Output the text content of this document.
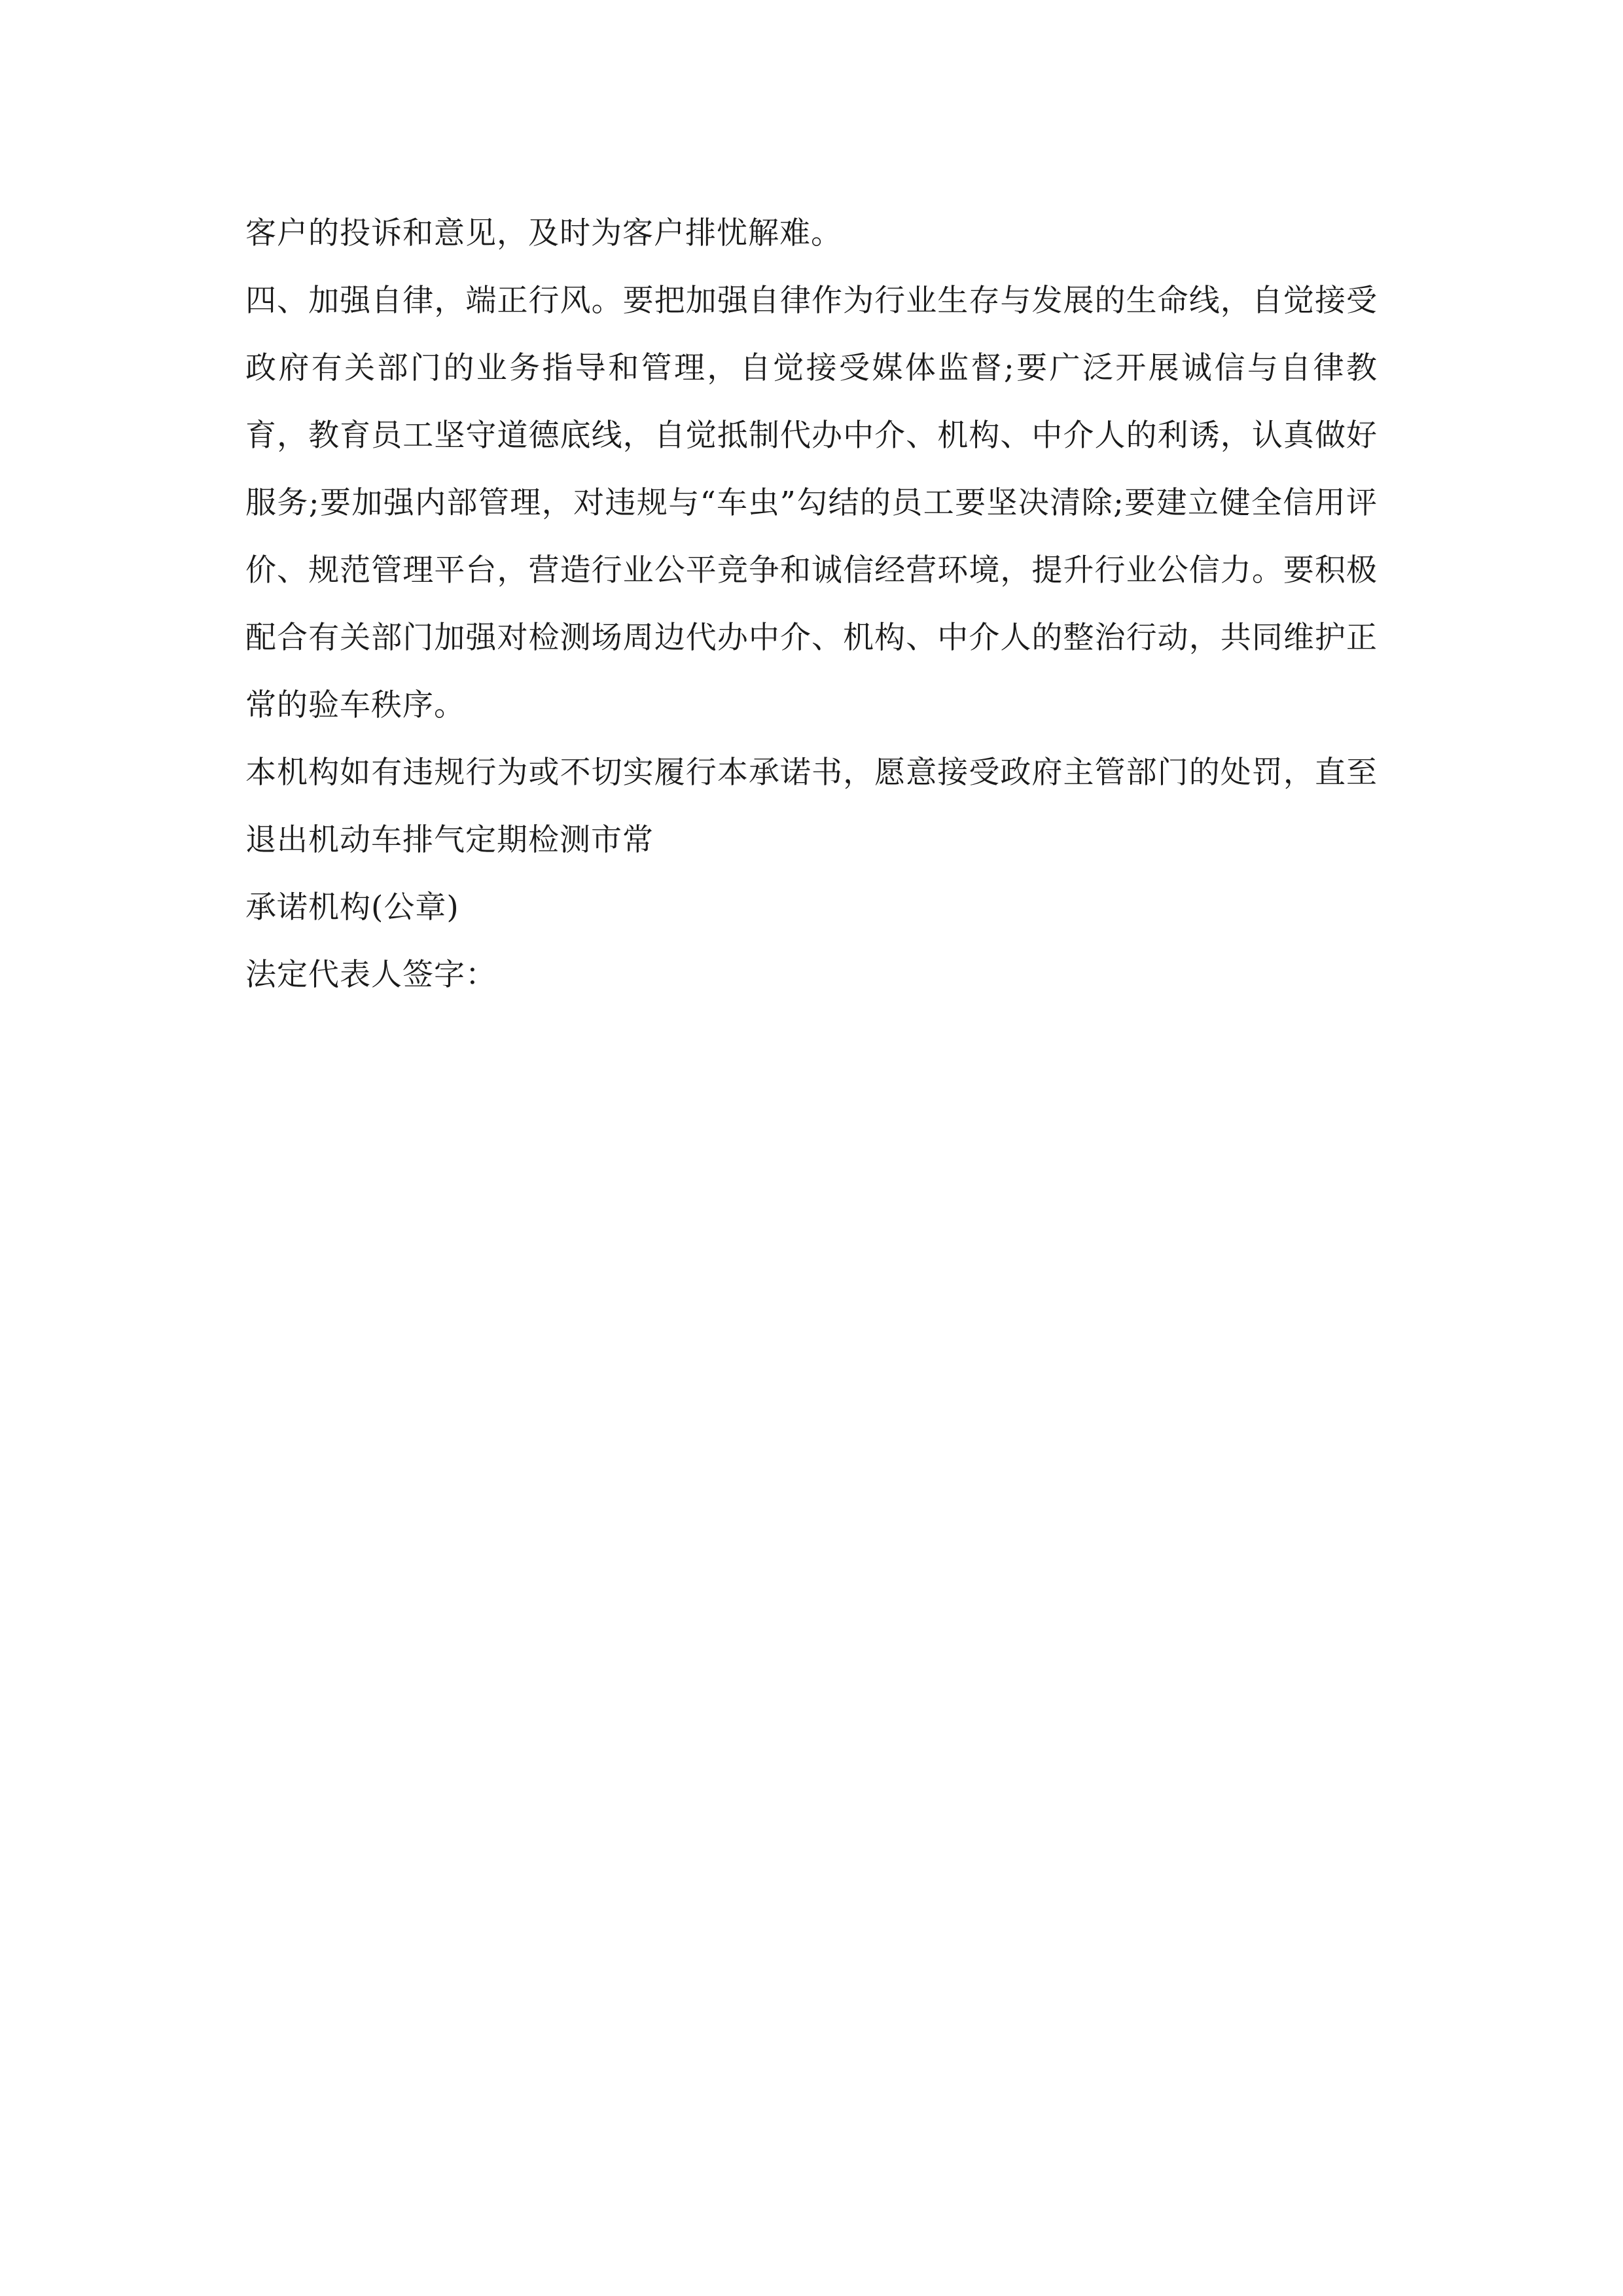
客户的投诉和意见，及时为客户排忧解难。

四、加强自律，端正行风。要把加强自律作为行业生存与发展的生命线，自觉接受政府有关部门的业务指导和管理，自觉接受媒体监督;要广泛开展诚信与自律教育，教育员工坚守道德底线，自觉抵制代办中介、机构、中介人的利诱，认真做好服务;要加强内部管理，对违规与“车虫”勾结的员工要坚决清除;要建立健全信用评价、规范管理平台，营造行业公平竞争和诚信经营环境，提升行业公信力。要积极配合有关部门加强对检测场周边代办中介、机构、中介人的整治行动，共同维护正常的验车秩序。

本机构如有违规行为或不切实履行本承诺书，愿意接受政府主管部门的处罚，直至退出机动车排气定期检测市常

承诺机构(公章)

法定代表人签字：
